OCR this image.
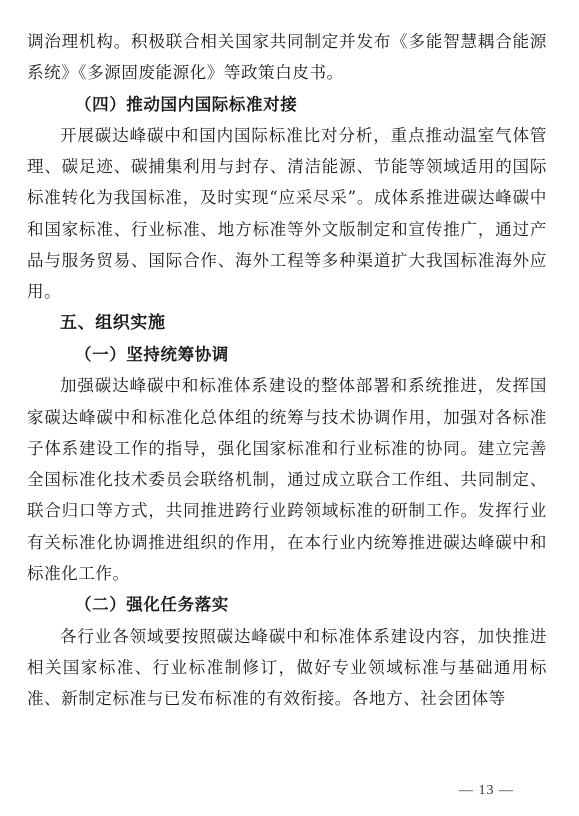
调治理机构。积极联合相关国家共同制定并发布《多能智慧耦合能源系统》《多源固废能源化》等政策白皮书。

（四）推动国内国际标准对接

开展碳达峰碳中和国内国际标准比对分析，重点推动温室气体管理、碳足迹、碳捕集利用与封存、清洁能源、节能等领域适用的国际标准转化为我国标准，及时实现“应采尽采”。成体系推进碳达峰碳中和国家标准、行业标准、地方标准等外文版制定和宣传推广，通过产品与服务贸易、国际合作、海外工程等多种渠道扩大我国标准海外应用。

五、组织实施

（一）坚持统筹协调

加强碳达峰碳中和标准体系建设的整体部署和系统推进，发挥国家碳达峰碳中和标准化总体组的统筹与技术协调作用，加强对各标准子体系建设工作的指导，强化国家标准和行业标准的协同。建立完善全国标准化技术委员会联络机制，通过成立联合工作组、共同制定、联合归口等方式，共同推进跨行业跨领域标准的研制工作。发挥行业有关标准化协调推进组织的作用，在本行业内统筹推进碳达峰碳中和标准化工作。

（二）强化任务落实

各行业各领域要按照碳达峰碳中和标准体系建设内容，加快推进相关国家标准、行业标准制修订，做好专业领域标准与基础通用标准、新制定标准与已发布标准的有效衔接。各地方、社会团体等

— 13 —
